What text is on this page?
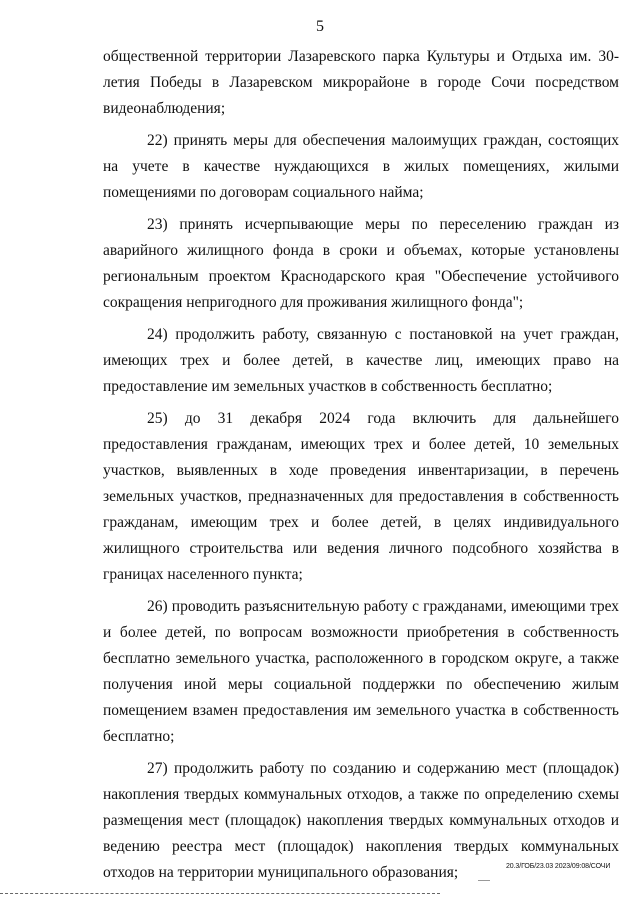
5

общественной территории Лазаревского парка Культуры и Отдыха им. 30-летия Победы в Лазаревском микрорайоне в городе Сочи посредством видеонаблюдения;

22) принять меры для обеспечения малоимущих граждан, состоящих на учете в качестве нуждающихся в жилых помещениях, жилыми помещениями по договорам социального найма;

23) принять исчерпывающие меры по переселению граждан из аварийного жилищного фонда в сроки и объемах, которые установлены региональным проектом Краснодарского края "Обеспечение устойчивого сокращения непригодного для проживания жилищного фонда";

24) продолжить работу, связанную с постановкой на учет граждан, имеющих трех и более детей, в качестве лиц, имеющих право на предоставление им земельных участков в собственность бесплатно;

25) до 31 декабря 2024 года включить для дальнейшего предоставления гражданам, имеющих трех и более детей, 10 земельных участков, выявленных в ходе проведения инвентаризации, в перечень земельных участков, предназначенных для предоставления в собственность гражданам, имеющим трех и более детей, в целях индивидуального жилищного строительства или ведения личного подсобного хозяйства в границах населенного пункта;

26) проводить разъяснительную работу с гражданами, имеющими трех и более детей, по вопросам возможности приобретения в собственность бесплатно земельного участка, расположенного в городском округе, а также получения иной меры социальной поддержки по обеспечению жилым помещением взамен предоставления им земельного участка в собственность бесплатно;

27) продолжить работу по созданию и содержанию мест (площадок) накопления твердых коммунальных отходов, а также по определению схемы размещения мест (площадок) накопления твердых коммунальных отходов и ведению реестра мест (площадок) накопления твердых коммунальных отходов на территории муниципального образования;	20.3/ГОБ/23.03 2023/09:08/СОЧИ
